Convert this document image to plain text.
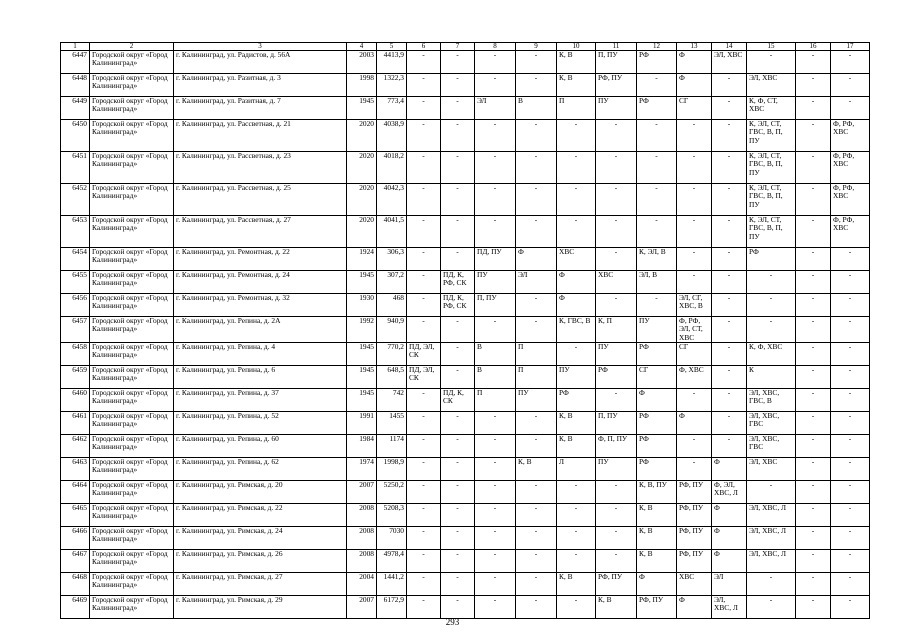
1	2	3	4	5	6	7	8	9	10	11	12	13	14	15	16	17
6447	Городской округ «Город Калининград»	г. Калининград, ул. Радистов, д. 56А	2003	4413,9	-	-	-	-	К, В	П, ПУ	РФ	Ф	ЭЛ, ХВС	-	-	-
6448	Городской округ «Город Калининград»	г. Калининград, ул. Разитная, д. 3	1998	1322,3	-	-	-	-	К, В	РФ, ПУ	-	Ф	-	ЭЛ, ХВС	-	-
6449	Городской округ «Город Калининград»	г. Калининград, ул. Разитная, д. 7	1945	773,4	-	-	ЭЛ	В	П	ПУ	РФ	СГ	-	К, Ф, СТ, ХВС	-	-
6450	Городской округ «Город Калининград»	г. Калининград, ул. Рассветная, д. 21	2020	4038,9	-	-	-	-	-	-	-	-	-	К, ЭЛ, СТ, ГВС, В, П, ПУ	-	Ф, РФ, ХВС
6451	Городской округ «Город Калининград»	г. Калининград, ул. Рассветная, д. 23	2020	4018,2	-	-	-	-	-	-	-	-	-	К, ЭЛ, СТ, ГВС, В, П, ПУ	-	Ф, РФ, ХВС
6452	Городской округ «Город Калининград»	г. Калининград, ул. Рассветная, д. 25	2020	4042,3	-	-	-	-	-	-	-	-	-	К, ЭЛ, СТ, ГВС, В, П, ПУ	-	Ф, РФ, ХВС
6453	Городской округ «Город Калининград»	г. Калининград, ул. Рассветная, д. 27	2020	4041,5	-	-	-	-	-	-	-	-	-	К, ЭЛ, СТ, ГВС, В, П, ПУ	-	Ф, РФ, ХВС
6454	Городской округ «Город Калининград»	г. Калининград, ул. Ремонтная, д. 22	1924	306,3	-	-	ПД, ПУ	Ф	ХВС	-	К, ЭЛ, В	-	-	РФ	-	-
6455	Городской округ «Город Калининград»	г. Калининград, ул. Ремонтная, д. 24	1945	307,2	-	ПД, К, РФ, СК	ПУ	ЭЛ	Ф	ХВС	ЭЛ, В	-	-	-	-	-
6456	Городской округ «Город Калининград»	г. Калининград, ул. Ремонтная, д. 32	1930	468	-	ПД, К, РФ, СК	П, ПУ	-	Ф	-	-	ЭЛ, СГ, ХВС, В	-	-	-	-
6457	Городской округ «Город Калининград»	г. Калининград, ул. Репина, д. 2А	1992	940,9	-	-	-	-	К, ГВС, В	К, П	ПУ	Ф, РФ, ЭЛ, СТ, ХВС	-	-	-	-
6458	Городской округ «Город Калининград»	г. Калининград, ул. Репина, д. 4	1945	770,2	ПД, ЭЛ, СК	-	В	П	-	ПУ	РФ	СГ	-	К, Ф, ХВС	-	-
6459	Городской округ «Город Калининград»	г. Калининград, ул. Репина, д. 6	1945	648,5	ПД, ЭЛ, СК	-	В	П	ПУ	РФ	СГ	Ф, ХВС	-	К	-	-
6460	Городской округ «Город Калининград»	г. Калининград, ул. Репина, д. 37	1945	742	-	ПД, К, СК	П	ПУ	РФ	-	Ф	-	-	ЭЛ, ХВС, ГВС, В	-	-
6461	Городской округ «Город Калининград»	г. Калининград, ул. Репина, д. 52	1991	1455	-	-	-	-	К, В	П, ПУ	РФ	Ф	-	ЭЛ, ХВС, ГВС	-	-
6462	Городской округ «Город Калининград»	г. Калининград, ул. Репина, д. 60	1984	1174	-	-	-	-	К, В	Ф, П, ПУ	РФ	-	-	ЭЛ, ХВС, ГВС	-	-
6463	Городской округ «Город Калининград»	г. Калининград, ул. Репина, д. 62	1974	1998,9	-	-	-	К, В	Л	ПУ	РФ	-	Ф	ЭЛ, ХВС	-	-
6464	Городской округ «Город Калининград»	г. Калининград, ул. Римская, д. 20	2007	5250,2	-	-	-	-	-	-	К, В, ПУ	РФ, ПУ	Ф, ЭЛ, ХВС, Л	-	-	-
6465	Городской округ «Город Калининград»	г. Калининград, ул. Римская, д. 22	2008	5208,3	-	-	-	-	-	-	К, В	РФ, ПУ	Ф	ЭЛ, ХВС, Л	-	-
6466	Городской округ «Город Калининград»	г. Калининград, ул. Римская, д. 24	2008	7030	-	-	-	-	-	-	К, В	РФ, ПУ	Ф	ЭЛ, ХВС, Л	-	-
6467	Городской округ «Город Калининград»	г. Калининград, ул. Римская, д. 26	2008	4978,4	-	-	-	-	-	-	К, В	РФ, ПУ	Ф	ЭЛ, ХВС, Л	-	-
6468	Городской округ «Город Калининград»	г. Калининград, ул. Римская, д. 27	2004	1441,2	-	-	-	-	К, В	РФ, ПУ	Ф	ХВС	ЭЛ	-	-	-
6469	Городской округ «Город Калининград»	г. Калининград, ул. Римская, д. 29	2007	6172,9	-	-	-	-	-	К, В	РФ, ПУ	Ф	ЭЛ, ХВС, Л	-	-	-
293
